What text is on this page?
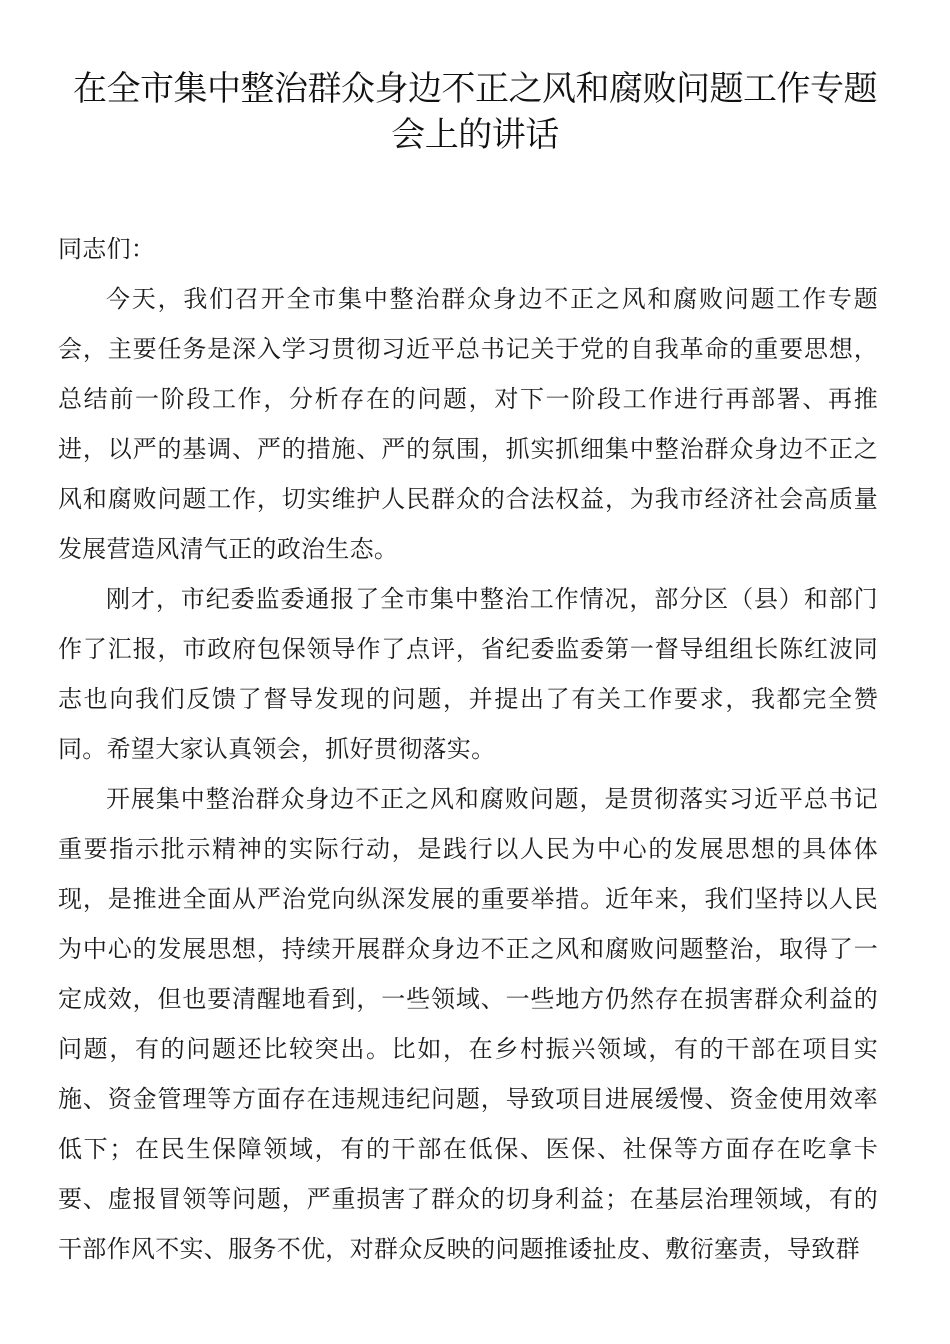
在全市集中整治群众身边不正之风和腐败问题工作专题会上的讲话

同志们：

今天，我们召开全市集中整治群众身边不正之风和腐败问题工作专题会，主要任务是深入学习贯彻习近平总书记关于党的自我革命的重要思想，总结前一阶段工作，分析存在的问题，对下一阶段工作进行再部署、再推进，以严的基调、严的措施、严的氛围，抓实抓细集中整治群众身边不正之风和腐败问题工作，切实维护人民群众的合法权益，为我市经济社会高质量发展营造风清气正的政治生态。

刚才，市纪委监委通报了全市集中整治工作情况，部分区（县）和部门作了汇报，市政府包保领导作了点评，省纪委监委第一督导组组长陈红波同志也向我们反馈了督导发现的问题，并提出了有关工作要求，我都完全赞同。希望大家认真领会，抓好贯彻落实。

开展集中整治群众身边不正之风和腐败问题，是贯彻落实习近平总书记重要指示批示精神的实际行动，是践行以人民为中心的发展思想的具体体现，是推进全面从严治党向纵深发展的重要举措。近年来，我们坚持以人民为中心的发展思想，持续开展群众身边不正之风和腐败问题整治，取得了一定成效，但也要清醒地看到，一些领域、一些地方仍然存在损害群众利益的问题，有的问题还比较突出。比如，在乡村振兴领域，有的干部在项目实施、资金管理等方面存在违规违纪问题，导致项目进展缓慢、资金使用效率低下；在民生保障领域，有的干部在低保、医保、社保等方面存在吃拿卡要、虚报冒领等问题，严重损害了群众的切身利益；在基层治理领域，有的干部作风不实、服务不优，对群众反映的问题推诿扯皮、敷衍塞责，导致群
